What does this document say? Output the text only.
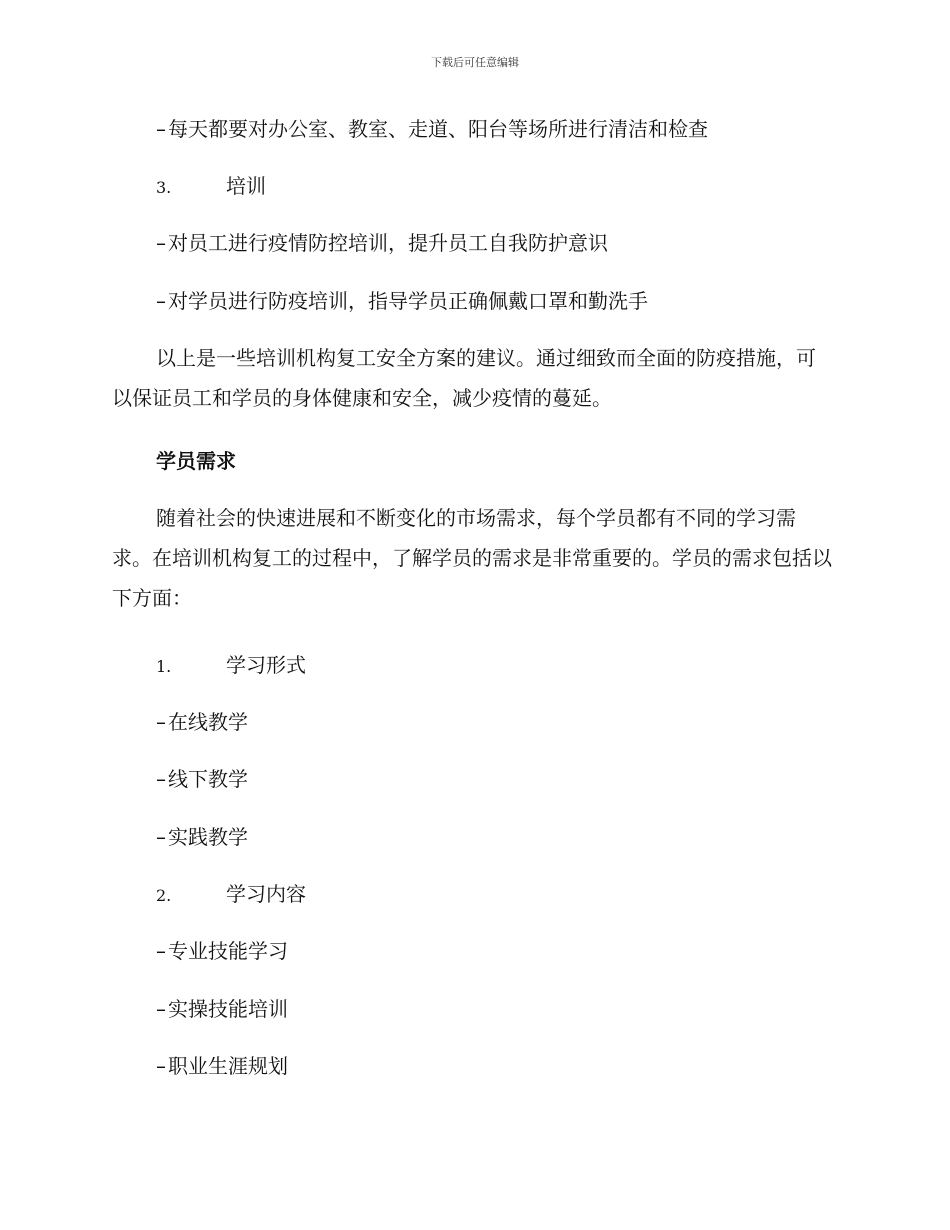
下载后可任意编辑
– 每天都要对办公室、教室、走道、阳台等场所进行清洁和检查
3.	培训
– 对员工进行疫情防控培训，提升员工自我防护意识
– 对学员进行防疫培训，指导学员正确佩戴口罩和勤洗手

以上是一些培训机构复工安全方案的建议。通过细致而全面的防疫措施，可以保证员工和学员的身体健康和安全，减少疫情的蔓延。

学员需求

随着社会的快速进展和不断变化的市场需求，每个学员都有不同的学习需求。在培训机构复工的过程中，了解学员的需求是非常重要的。学员的需求包括以下方面：

1.	学习形式
– 在线教学
– 线下教学
– 实践教学
2.	学习内容
– 专业技能学习
– 实操技能培训
– 职业生涯规划
